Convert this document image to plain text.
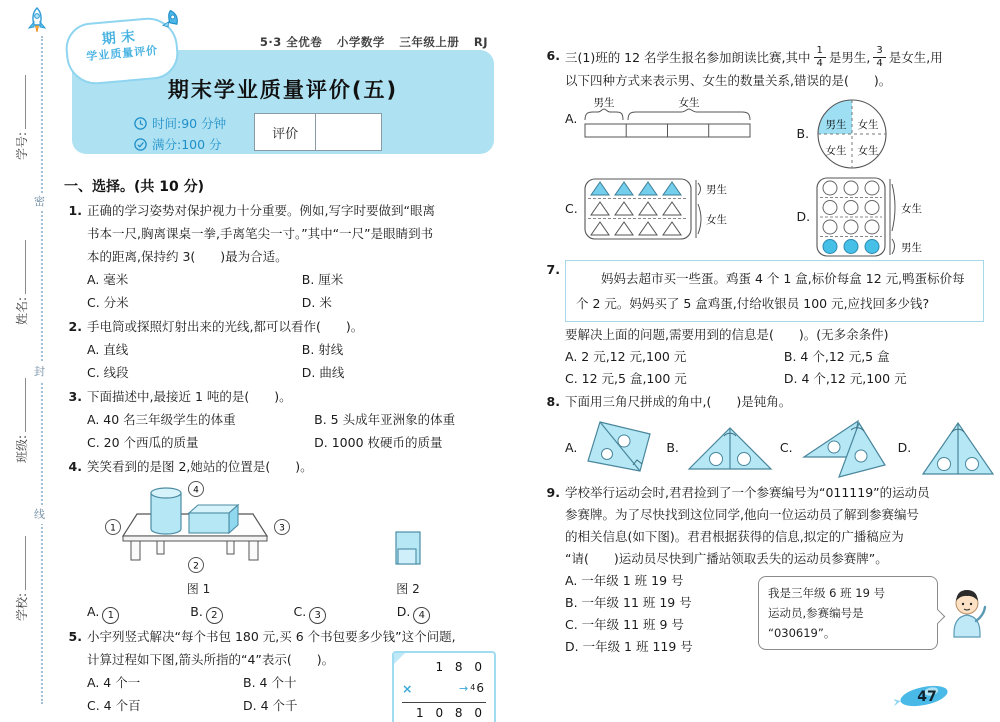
密
封
线
学号:
姓名:
班级:
学校:
5·3 全优卷 小学数学 三年级上册 RJ
期末
学业质量评价
期末学业质量评价(五)
时间:90 分钟
满分:100 分
评价
一、选择。(共 10 分)
1. 正确的学习姿势对保护视力十分重要。例如,写字时要做到“眼离
书本一尺,胸离课桌一拳,手离笔尖一寸。”其中“一尺”是眼睛到书
本的距离,保持约 3(　　)最为合适。
A. 毫米	B. 厘米
C. 分米	D. 米
2. 手电筒或探照灯射出来的光线,都可以看作(　　)。
A. 直线	B. 射线
C. 线段	D. 曲线
3. 下面描述中,最接近 1 吨的是(　　)。
A. 40 名三年级学生的体重	B. 5 头成年亚洲象的体重
C. 20 个西瓜的质量	D. 1000 枚硬币的质量
4. 笑笑看到的是图 2,她站的位置是(　　)。
1
4
3
2
图 1	图 2
A. 1	B. 2	C. 3	D. 4
5. 小宇列竖式解决“每个书包 180 元,买 6 个书包要多少钱”这个问题,
计算过程如下图,箭头所指的“4”表示(　　)。
A. 4 个一	B. 4 个十
C. 4 个百	D. 4 个千
1 8 0
×	→ 4 6
1 0 8 0
6. 三(1)班的 12 名学生报名参加朗读比赛,其中 $\frac{1}{4}$ 是男生, $\frac{3}{4}$ 是女生,用
以下四种方式来表示男、女生的数量关系,错误的是(　　)。
A.
男生	女生
B.
男生 女生
女生 女生
C.
男生
女生	D.	女生
男生
7.
妈妈去超市买一些蛋。鸡蛋 4 个 1 盒,标价每盒 12 元,鸭蛋标价每个 2 元。妈妈买了 5 盒鸡蛋,付给收银员 100 元,应找回多少钱?
要解决上面的问题,需要用到的信息是(　　)。(无多余条件)
A. 2 元,12 元,100 元	B. 4 个,12 元,5 盒
C. 12 元,5 盒,100 元	D. 4 个,12 元,100 元
8. 下面用三角尺拼成的角中,(　　)是钝角。
A.	B.	C.	D.
9. 学校举行运动会时,君君捡到了一个参赛编号为“011119”的运动员
参赛牌。为了尽快找到这位同学,他向一位运动员了解到参赛编号
的相关信息(如下图)。君君根据获得的信息,拟定的广播稿应为
“请(　　)运动员尽快到广播站领取丢失的运动员参赛牌”。
A. 一年级 1 班 19 号
B. 一年级 11 班 19 号
C. 一年级 11 班 9 号
D. 一年级 1 班 119 号
我是三年级 6 班 19 号
运动员,参赛编号是
“030619”。
47
